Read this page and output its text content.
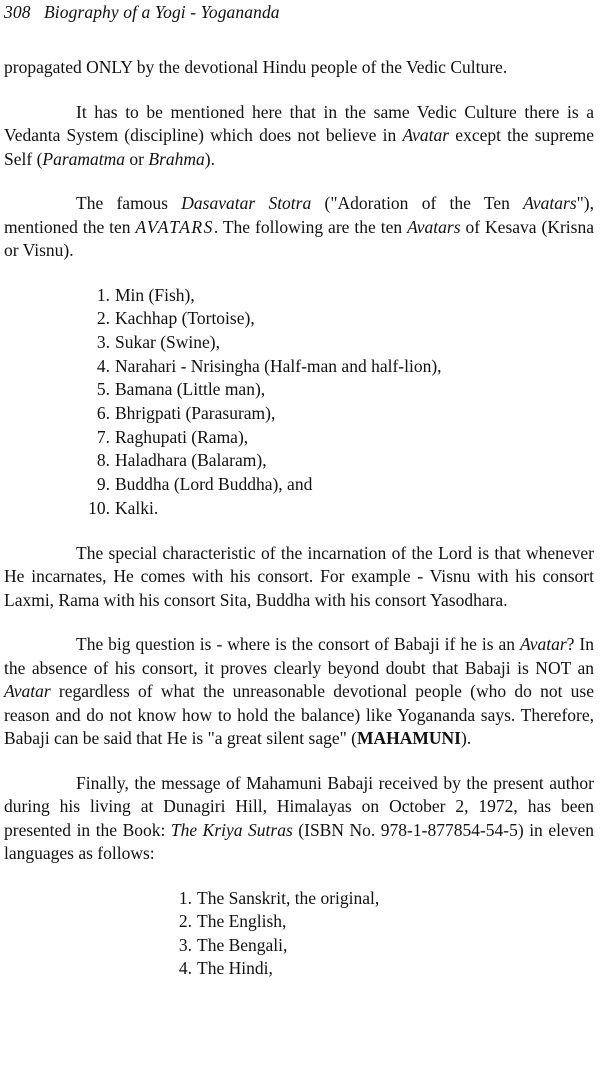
308 Biography of a Yogi - Yogananda

propagated ONLY by the devotional Hindu people of the Vedic Culture.

It has to be mentioned here that in the same Vedic Culture there is a Vedanta System (discipline) which does not believe in Avatar except the supreme Self (Paramatma or Brahma).

The famous Dasavatar Stotra ("Adoration of the Ten Avatars"), mentioned the ten AVATARS. The following are the ten Avatars of Kesava (Krisna or Visnu).

1. Min (Fish),
2. Kachhap (Tortoise),
3. Sukar (Swine),
4. Narahari - Nrisingha (Half-man and half-lion),
5. Bamana (Little man),
6. Bhrigpati (Parasuram),
7. Raghupati (Rama),
8. Haladhara (Balaram),
9. Buddha (Lord Buddha), and
10. Kalki.

The special characteristic of the incarnation of the Lord is that whenever He incarnates, He comes with his consort. For example - Visnu with his consort Laxmi, Rama with his consort Sita, Buddha with his consort Yasodhara.

The big question is - where is the consort of Babaji if he is an Avatar? In the absence of his consort, it proves clearly beyond doubt that Babaji is NOT an Avatar regardless of what the unreasonable devotional people (who do not use reason and do not know how to hold the balance) like Yogananda says. Therefore, Babaji can be said that He is "a great silent sage" (MAHAMUNI).

Finally, the message of Mahamuni Babaji received by the present author during his living at Dunagiri Hill, Himalayas on October 2, 1972, has been presented in the Book: The Kriya Sutras (ISBN No. 978-1-877854-54-5) in eleven languages as follows:

1. The Sanskrit, the original,
2. The English,
3. The Bengali,
4. The Hindi,
